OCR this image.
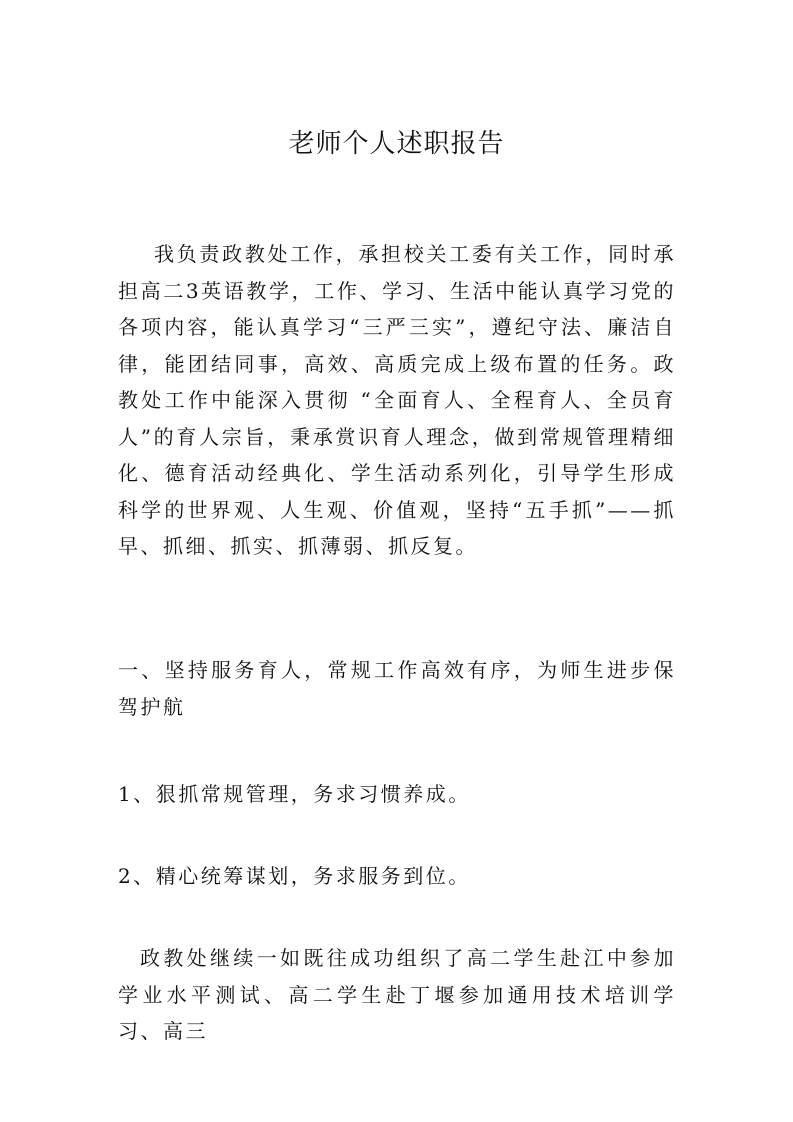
老师个人述职报告

我负责政教处工作，承担校关工委有关工作，同时承担高二3英语教学，工作、学习、生活中能认真学习党的各项内容，能认真学习“三严三实”，遵纪守法、廉洁自律，能团结同事，高效、高质完成上级布置的任务。政教处工作中能深入贯彻 “全面育人、全程育人、全员育人”的育人宗旨，秉承赏识育人理念，做到常规管理精细化、德育活动经典化、学生活动系列化，引导学生形成科学的世界观、人生观、价值观，坚持“五手抓”——抓早、抓细、抓实、抓薄弱、抓反复。

一、坚持服务育人，常规工作高效有序，为师生进步保驾护航

1、狠抓常规管理，务求习惯养成。

2、精心统筹谋划，务求服务到位。

政教处继续一如既往成功组织了高二学生赴江中参加学业水平测试、高二学生赴丁堰参加通用技术培训学习、高三
